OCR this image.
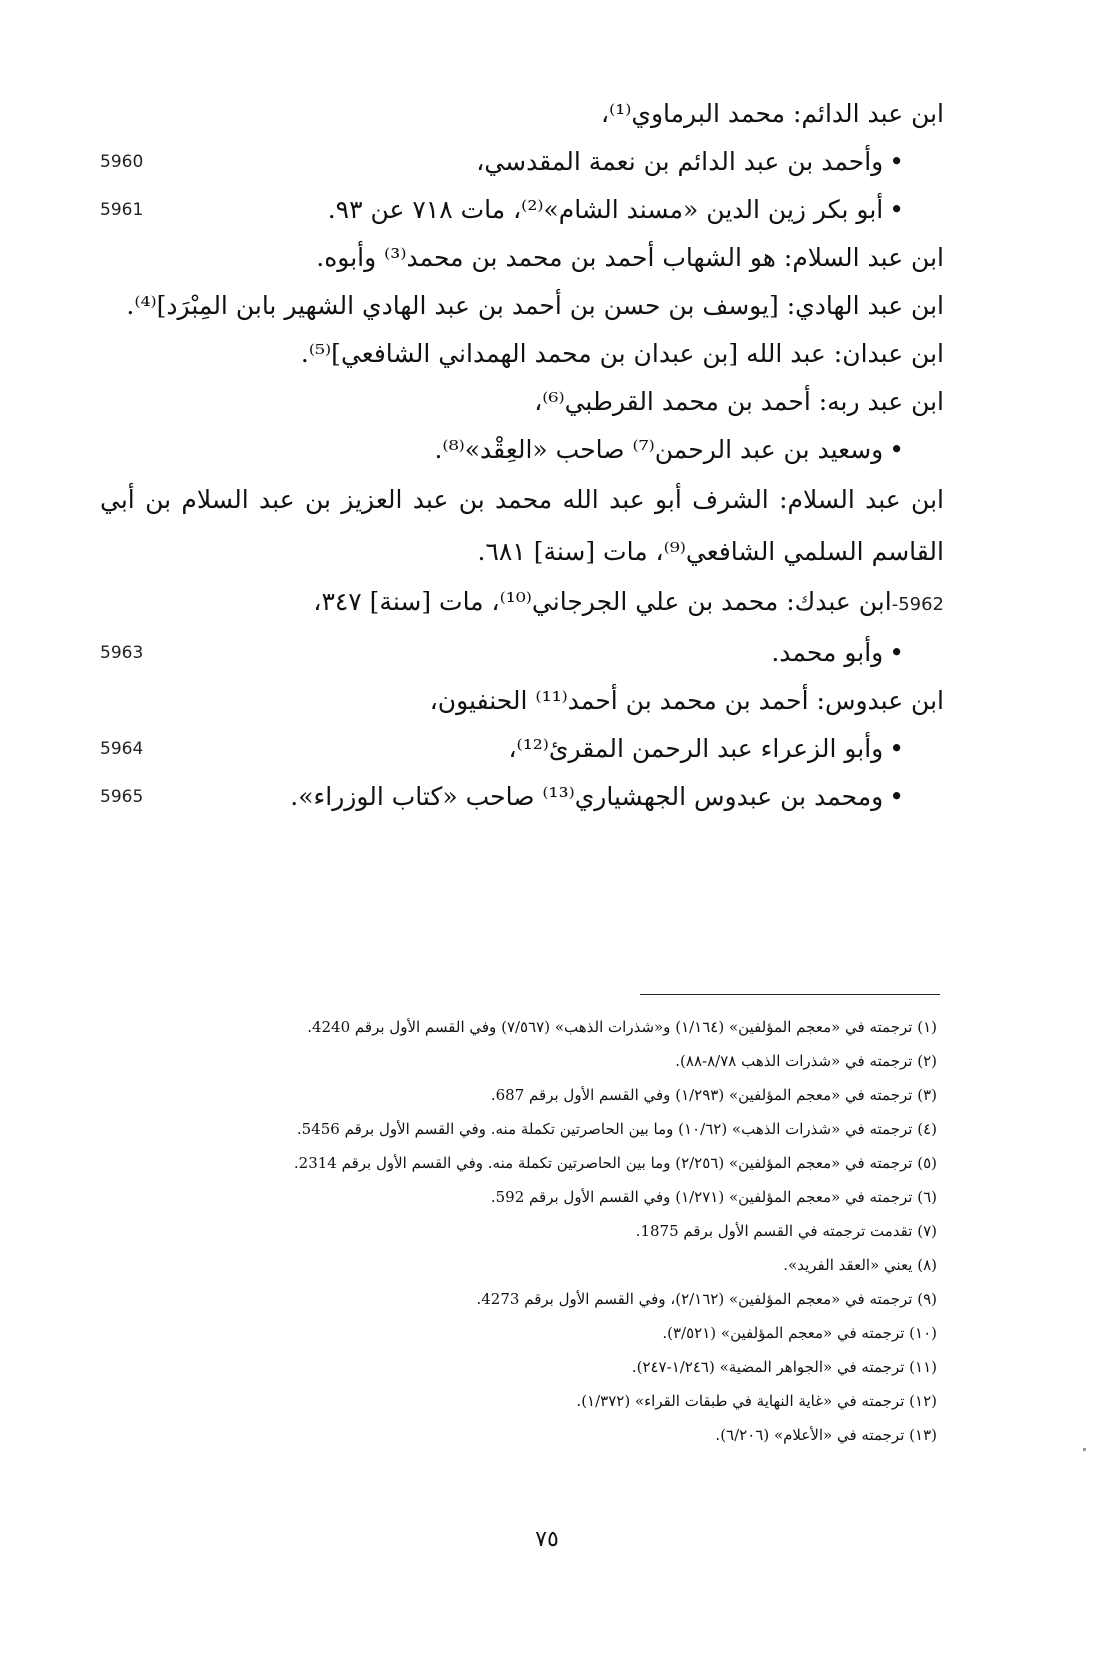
ابن عبد الدائم: محمد البرماوي⁽¹⁾،
5960	•وأحمد بن عبد الدائم بن نعمة المقدسي،
5961	•أبو بكر زين الدين «مسند الشام»⁽²⁾، مات ٧١٨ عن ٩٣.
ابن عبد السلام: هو الشهاب أحمد بن محمد بن محمد⁽³⁾ وأبوه.
ابن عبد الهادي: [يوسف بن حسن بن أحمد بن عبد الهادي الشهير بابن المِبْرَد]⁽⁴⁾.
ابن عبدان: عبد الله [بن عبدان بن محمد الهمداني الشافعي]⁽⁵⁾.
ابن عبد ربه: أحمد بن محمد القرطبي⁽⁶⁾،
•وسعيد بن عبد الرحمن⁽⁷⁾ صاحب «العِقْد»⁽⁸⁾.
ابن عبد السلام: الشرف أبو عبد الله محمد بن عبد العزيز بن عبد السلام بن أبي القاسم السلمي الشافعي⁽⁹⁾، مات [سنة] ٦٨١.
5962-ابن عبدك: محمد بن علي الجرجاني⁽¹⁰⁾، مات [سنة] ٣٤٧،
5963	•وأبو محمد.
ابن عبدوس: أحمد بن محمد بن أحمد⁽¹¹⁾ الحنفيون،
5964	•وأبو الزعراء عبد الرحمن المقرئ⁽¹²⁾،
5965	•ومحمد بن عبدوس الجهشياري⁽¹³⁾ صاحب «كتاب الوزراء».
(١) ترجمته في «معجم المؤلفين» (١/١٦٤) و«شذرات الذهب» (٧/٥٦٧) وفي القسم الأول برقم 4240.
(٢) ترجمته في «شذرات الذهب ٨/٧٨-٨٨).
(٣) ترجمته في «معجم المؤلفين» (١/٢٩٣) وفي القسم الأول برقم 687.
(٤) ترجمته في «شذرات الذهب» (١٠/٦٢) وما بين الحاصرتين تكملة منه. وفي القسم الأول برقم 5456.
(٥) ترجمته في «معجم المؤلفين» (٢/٢٥٦) وما بين الحاصرتين تكملة منه. وفي القسم الأول برقم 2314.
(٦) ترجمته في «معجم المؤلفين» (١/٢٧١) وفي القسم الأول برقم 592.
(٧) تقدمت ترجمته في القسم الأول برقم 1875.
(٨) يعني «العقد الفريد».
(٩) ترجمته في «معجم المؤلفين» (٢/١٦٢)، وفي القسم الأول برقم 4273.
(١٠) ترجمته في «معجم المؤلفين» (٣/٥٢١).
(١١) ترجمته في «الجواهر المضية» (١/٢٤٦-٢٤٧).
(١٢) ترجمته في «غاية النهاية في طبقات القراء» (١/٣٧٢).
(١٣) ترجمته في «الأعلام» (٦/٢٠٦).
٧٥
